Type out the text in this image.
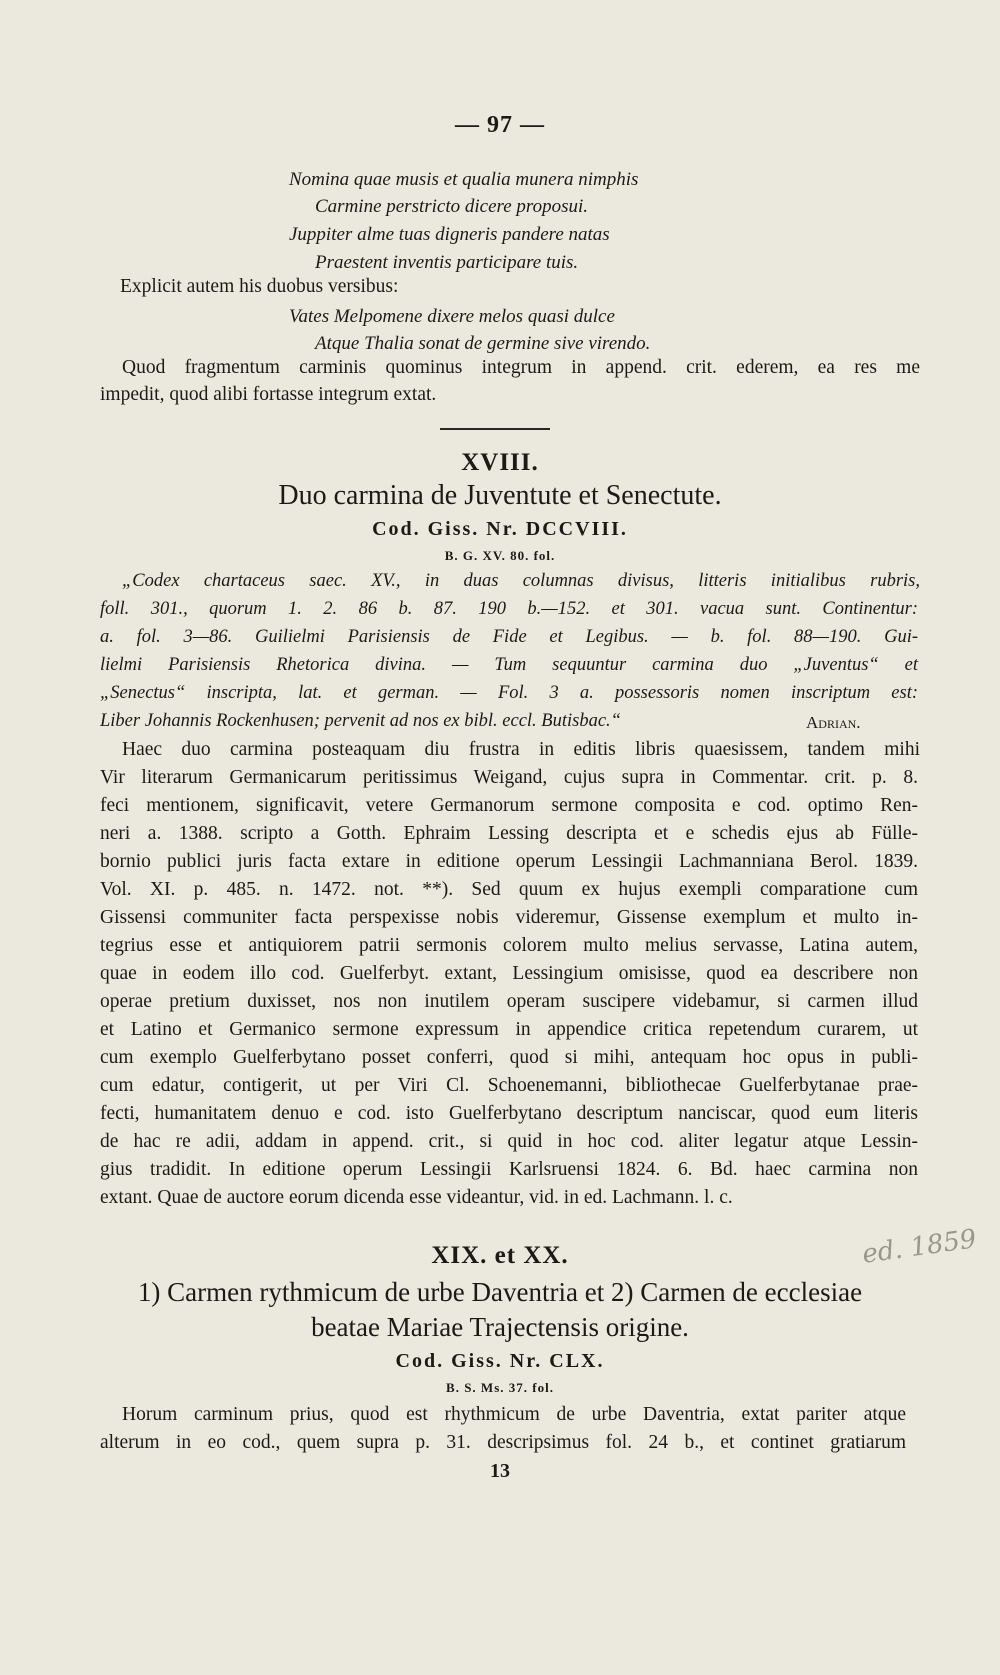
— 97 —
Nomina quae musis et qualia munera nimphis
Carmine perstricto dicere proposui.
Juppiter alme tuas digneris pandere natas
Praestent inventis participare tuis.
Explicit autem his duobus versibus:
Vates Melpomene dixere melos quasi dulce
Atque Thalia sonat de germine sive virendo.
Quod fragmentum carminis quominus integrum in append. crit. ederem, ea res me
impedit, quod alibi fortasse integrum extat.
XVIII.
Duo carmina de Juventute et Senectute.
Cod. Giss. Nr. DCCVIII.
B. G. XV. 80. fol.
„Codex chartaceus saec. XV., in duas columnas divisus, litteris initialibus rubris,
foll. 301., quorum 1. 2. 86 b. 87. 190 b.—152. et 301. vacua sunt. Continentur:
a. fol. 3—86. Guilielmi Parisiensis de Fide et Legibus. — b. fol. 88—190. Gui-
lielmi Parisiensis Rhetorica divina. — Tum sequuntur carmina duo „Juventus“ et
„Senectus“ inscripta, lat. et german. — Fol. 3 a. possessoris nomen inscriptum est:
Liber Johannis Rockenhusen; pervenit ad nos ex bibl. eccl. Butisbac.“	Adrian.
Haec duo carmina posteaquam diu frustra in editis libris quaesissem, tandem mihi
Vir literarum Germanicarum peritissimus Weigand, cujus supra in Commentar. crit. p. 8.
feci mentionem, significavit, vetere Germanorum sermone composita e cod. optimo Ren-
neri a. 1388. scripto a Gotth. Ephraim Lessing descripta et e schedis ejus ab Fülle-
bornio publici juris facta extare in editione operum Lessingii Lachmanniana Berol. 1839.
Vol. XI. p. 485. n. 1472. not. **). Sed quum ex hujus exempli comparatione cum
Gissensi communiter facta perspexisse nobis videremur, Gissense exemplum et multo in-
tegrius esse et antiquiorem patrii sermonis colorem multo melius servasse, Latina autem,
quae in eodem illo cod. Guelferbyt. extant, Lessingium omisisse, quod ea describere non
operae pretium duxisset, nos non inutilem operam suscipere videbamur, si carmen illud
et Latino et Germanico sermone expressum in appendice critica repetendum curarem, ut
cum exemplo Guelferbytano posset conferri, quod si mihi, antequam hoc opus in publi-
cum edatur, contigerit, ut per Viri Cl. Schoenemanni, bibliothecae Guelferbytanae prae-
fecti, humanitatem denuo e cod. isto Guelferbytano descriptum nanciscar, quod eum literis
de hac re adii, addam in append. crit., si quid in hoc cod. aliter legatur atque Lessin-
gius tradidit. In editione operum Lessingii Karlsruensi 1824. 6. Bd. haec carmina non
extant. Quae de auctore eorum dicenda esse videantur, vid. in ed. Lachmann. l. c.
XIX. et XX.
1) Carmen rythmicum de urbe Daventria et 2) Carmen de ecclesiae
beatae Mariae Trajectensis origine.
Cod. Giss. Nr. CLX.
B. S. Ms. 37. fol.
Horum carminum prius, quod est rhythmicum de urbe Daventria, extat pariter atque
alterum in eo cod., quem supra p. 31. descripsimus fol. 24 b., et continet gratiarum
13
ed. 1859
